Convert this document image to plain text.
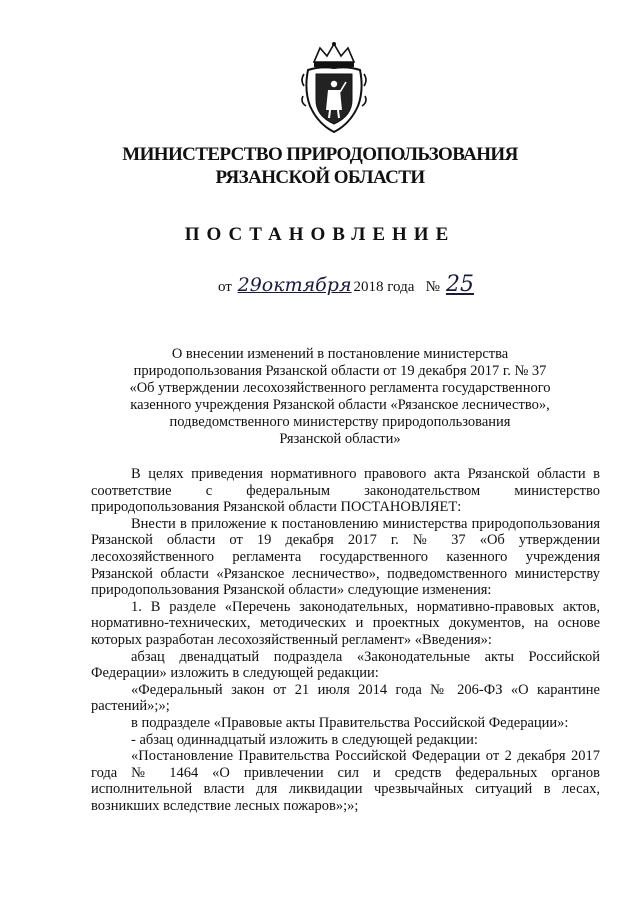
МИНИСТЕРСТВО ПРИРОДОПОЛЬЗОВАНИЯ
РЯЗАНСКОЙ ОБЛАСТИ
ПОСТАНОВЛЕНИЕ
от 29октября 2018 года № 25
О внесении изменений в постановление министерства
природопользования Рязанской области от 19 декабря 2017 г. № 37
«Об утверждении лесохозяйственного регламента государственного
казенного учреждения Рязанской области «Рязанское лесничество»,
подведомственного министерству природопользования
Рязанской области»

В целях приведения нормативного правового акта Рязанской области в соответствие с федеральным законодательством министерство природопользования Рязанской области ПОСТАНОВЛЯЕТ:

Внести в приложение к постановлению министерства природопользования Рязанской области от 19 декабря 2017 г. № 37 «Об утверждении лесохозяйственного регламента государственного казенного учреждения Рязанской области «Рязанское лесничество», подведомственного министерству природопользования Рязанской области» следующие изменения:

1. В разделе «Перечень законодательных, нормативно-правовых актов, нормативно-технических, методических и проектных документов, на основе которых разработан лесохозяйственный регламент» «Введения»:

абзац двенадцатый подраздела «Законодательные акты Российской Федерации» изложить в следующей редакции:

«Федеральный закон от 21 июля 2014 года № 206-ФЗ «О карантине растений»;»;

в подразделе «Правовые акты Правительства Российской Федерации»:

- абзац одиннадцатый изложить в следующей редакции:

«Постановление Правительства Российской Федерации от 2 декабря 2017 года № 1464 «О привлечении сил и средств федеральных органов исполнительной власти для ликвидации чрезвычайных ситуаций в лесах, возникших вследствие лесных пожаров»;»;
